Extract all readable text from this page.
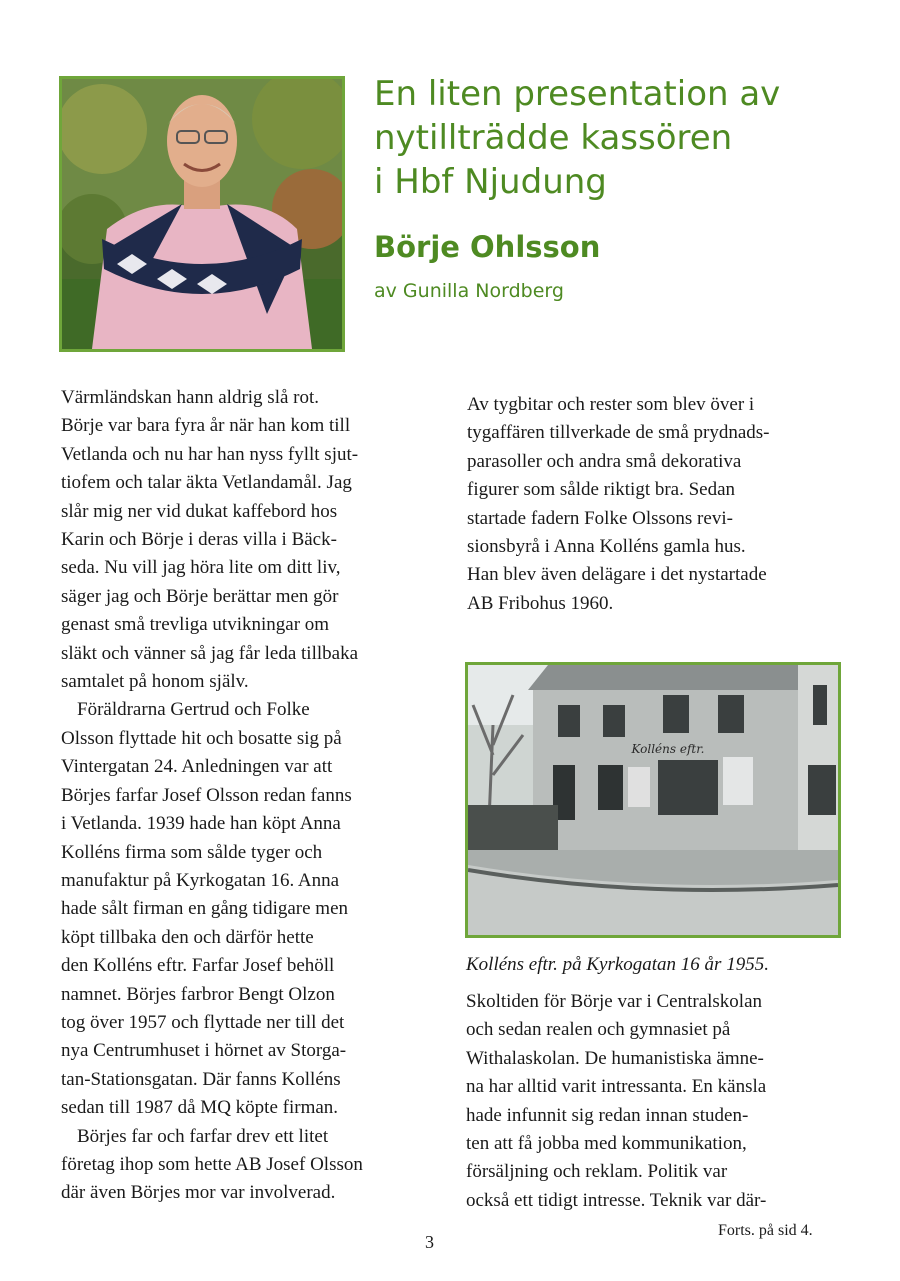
En liten presentation av
nytillträdde kassören
i Hbf Njudung
Börje Ohlsson

av Gunilla Nordberg

Värmländskan hann aldrig slå rot.
Börje var bara fyra år när han kom till
Vetlanda och nu har han nyss fyllt sjut-
tiofem och talar äkta Vetlandamål. Jag
slår mig ner vid dukat kaffebord hos
Karin och Börje i deras villa i Bäck-
seda. Nu vill jag höra lite om ditt liv,
säger jag och Börje berättar men gör
genast små trevliga utvikningar om
släkt och vänner så jag får leda tillbaka
samtalet på honom själv.
Föräldrarna Gertrud och Folke
Olsson flyttade hit och bosatte sig på
Vintergatan 24. Anledningen var att
Börjes farfar Josef Olsson redan fanns
i Vetlanda. 1939 hade han köpt Anna
Kolléns firma som sålde tyger och
manufaktur på Kyrkogatan 16. Anna
hade sålt firman en gång tidigare men
köpt tillbaka den och därför hette
den Kolléns eftr. Farfar Josef behöll
namnet. Börjes farbror Bengt Olzon
tog över 1957 och flyttade ner till det
nya Centrumhuset i hörnet av Storga-
tan-Stationsgatan. Där fanns Kolléns
sedan till 1987 då MQ köpte firman.
Börjes far och farfar drev ett litet
företag ihop som hette AB Josef Olsson
där även Börjes mor var involverad.
Av tygbitar och rester som blev över i
tygaffären tillverkade de små prydnads-
parasoller och andra små dekorativa
figurer som sålde riktigt bra. Sedan
startade fadern Folke Olssons revi-
sionsbyrå i Anna Kolléns gamla hus.
Han blev även delägare i det nystartade
AB Fribohus 1960.
Kolléns eftr.

Kolléns eftr. på Kyrkogatan 16 år 1955.

Skoltiden för Börje var i Centralskolan
och sedan realen och gymnasiet på
Withalaskolan. De humanistiska ämne-
na har alltid varit intressanta. En känsla
hade infunnit sig redan innan studen-
ten att få jobba med kommunikation,
försäljning och reklam. Politik var
också ett tidigt intresse. Teknik var där-

Forts. på sid 4.

3
